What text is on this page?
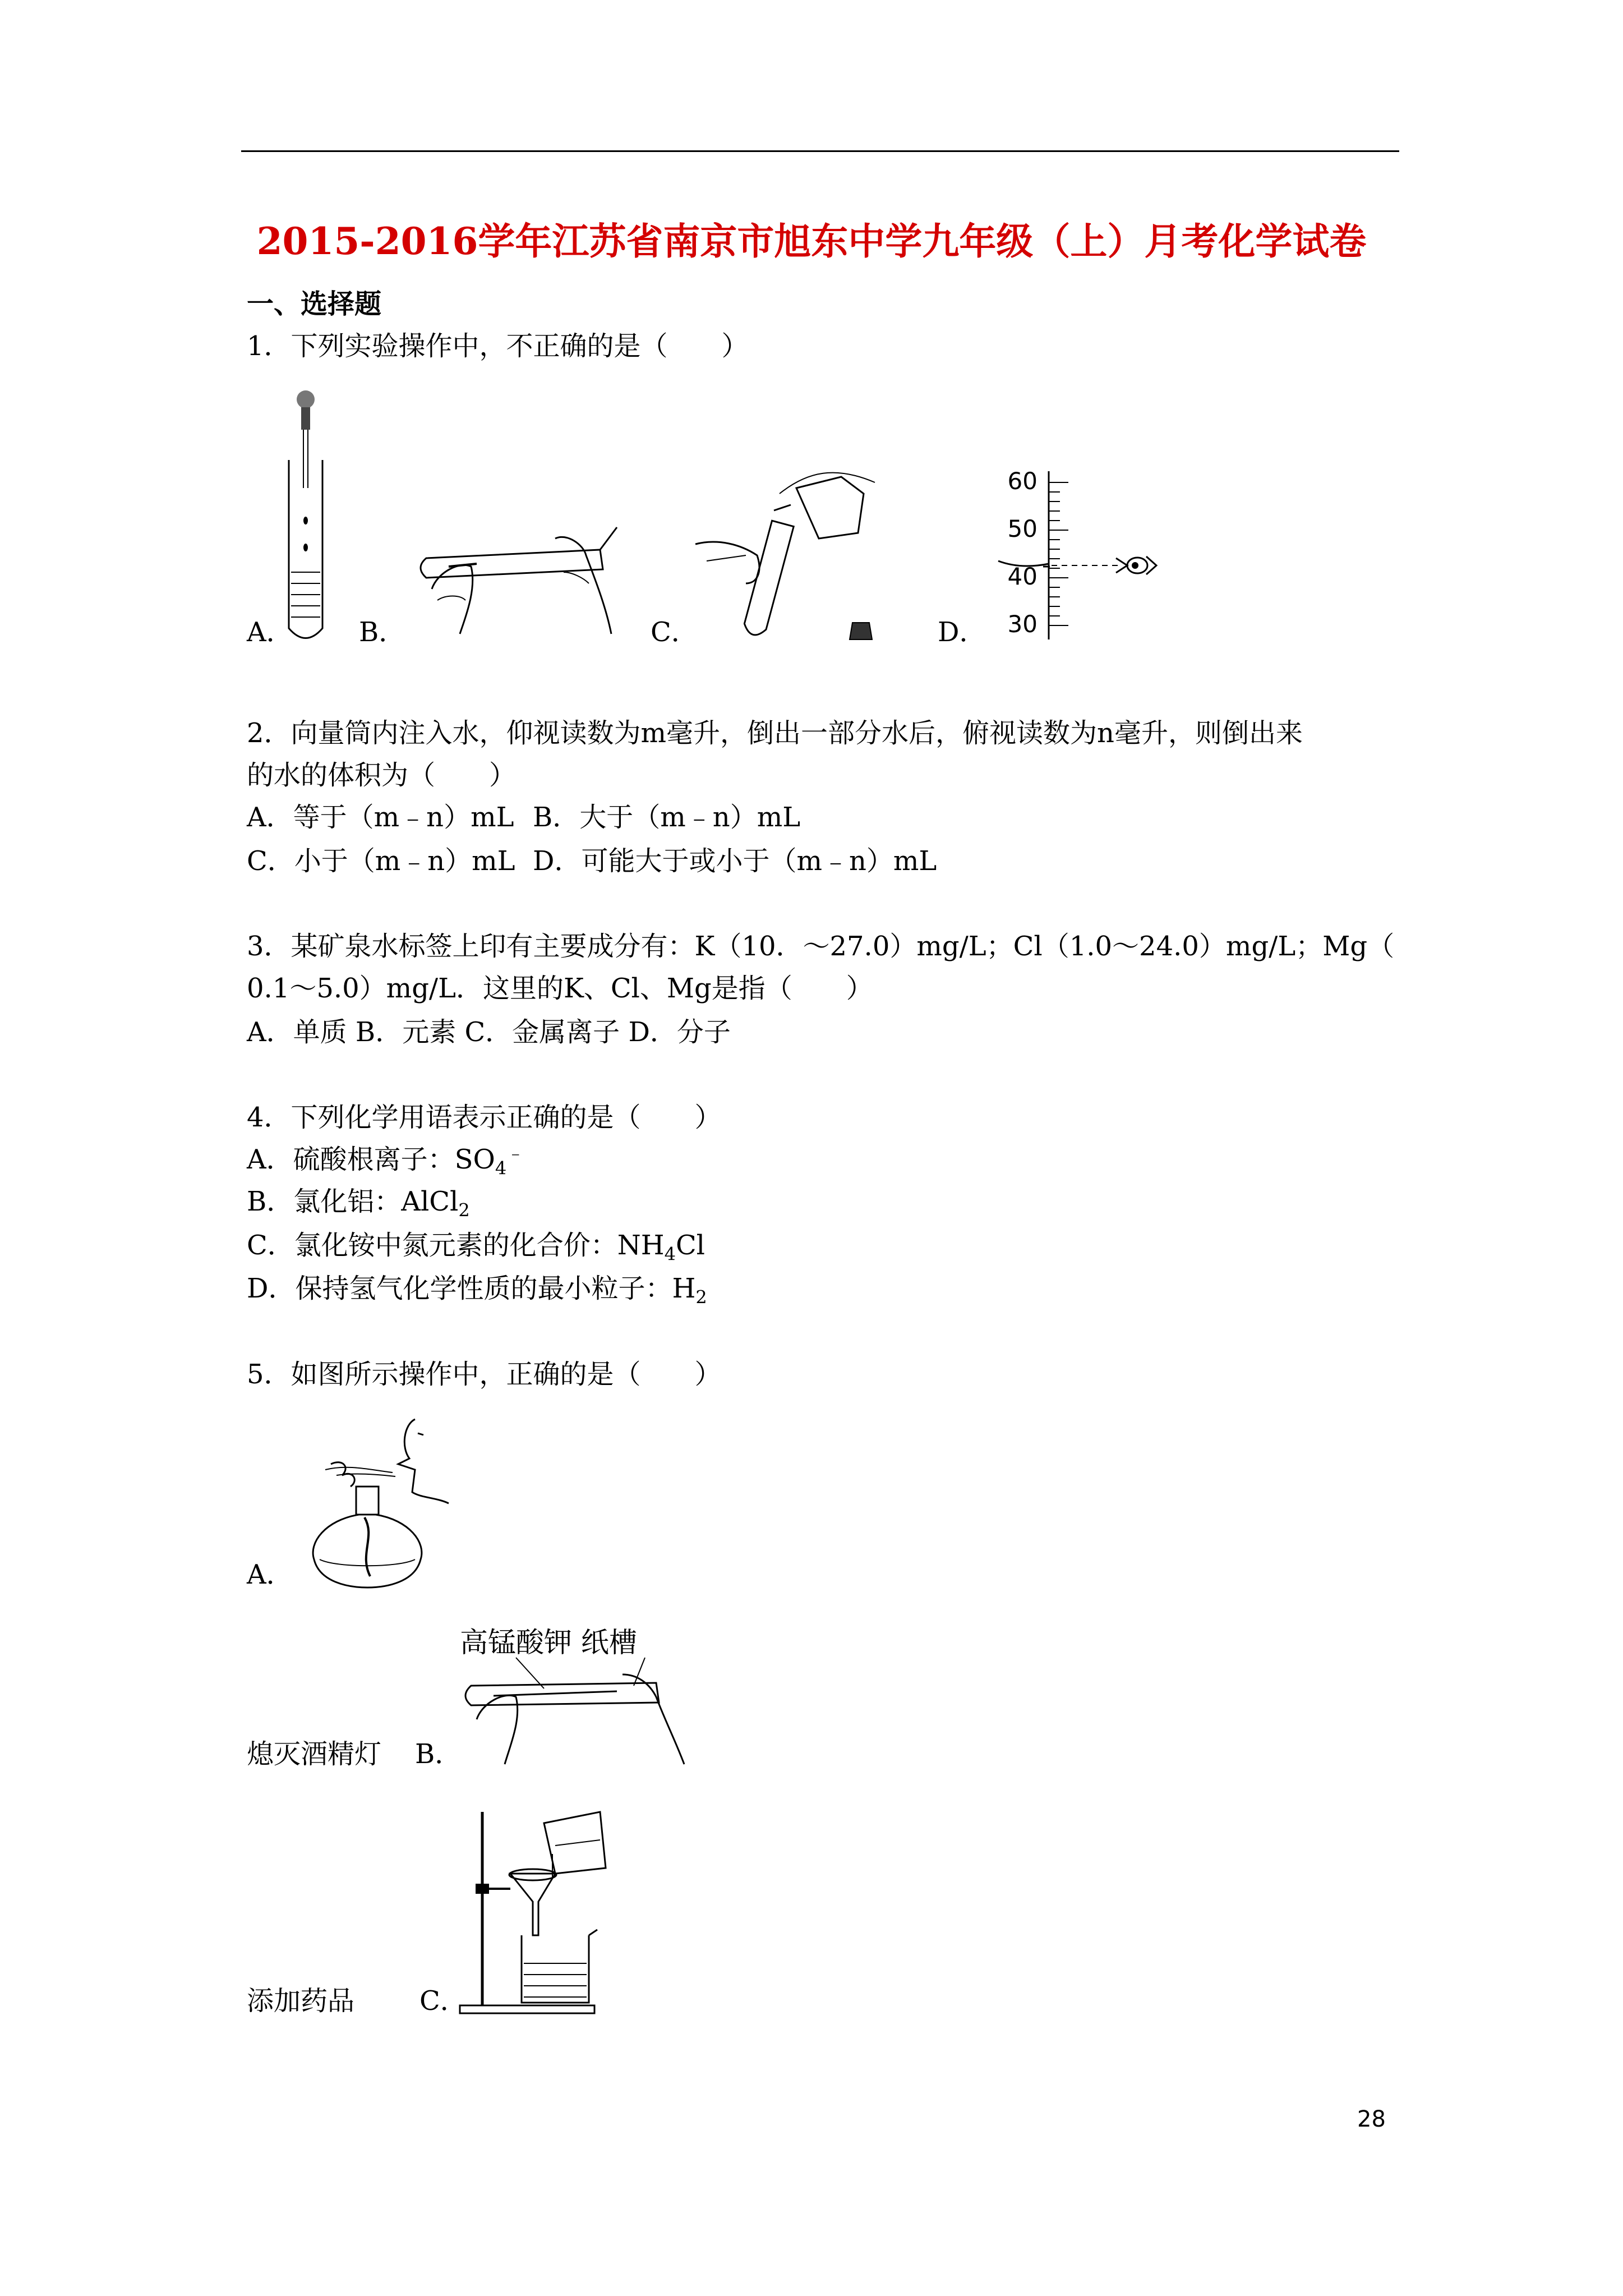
2015-2016学年江苏省南京市旭东中学九年级（上）月考化学试卷
一、选择题
1．下列实验操作中，不正确的是（　　）
A． B．	C．
60
50
40
30
D．
2．向量筒内注入水，仰视读数为m毫升，倒出一部分水后，俯视读数为n毫升，则倒出来
的水的体积为（　　）
A．等于（m﹣n）mL B．大于（m﹣n）mL
C．小于（m﹣n）mL D．可能大于或小于（m﹣n）mL
3．某矿泉水标签上印有主要成分有：K（10．～27.0）mg/L；Cl（1.0～24.0）mg/L；Mg（
0.1～5.0）mg/L．这里的K、Cl、Mg是指（　　）
A．单质 B．元素 C．金属离子 D．分子
4．下列化学用语表示正确的是（　　）
A．硫酸根离子：$SO_4^﹣$
B．氯化铝：AlCl$_2$
C．氯化铵中氮元素的化合价：$NH_4Cl$
D．保持氢气化学性质的最小粒子：$H_2$
5．如图所示操作中，正确的是（　　）
A．
高锰酸钾 纸槽
熄灭酒精灯 B．
添加药品 C．
28
